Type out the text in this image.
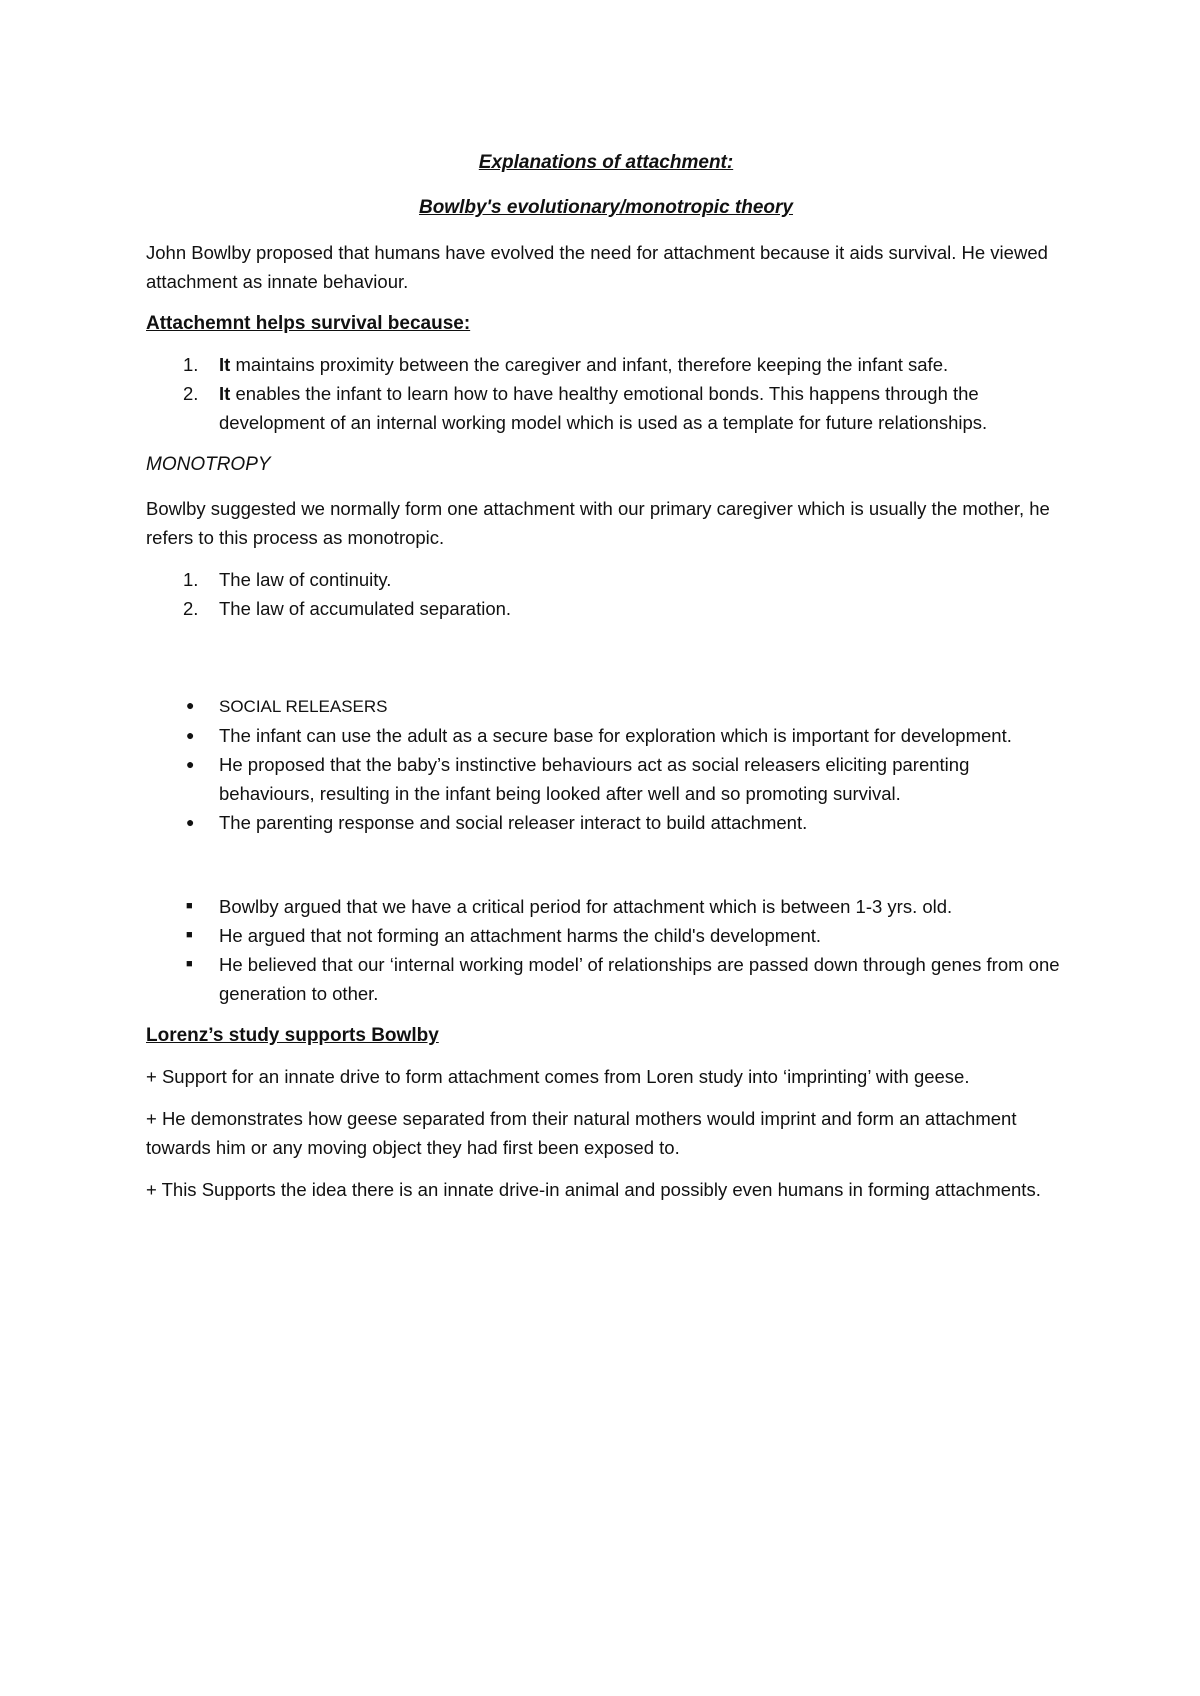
Explanations of attachment:
Bowlby's evolutionary/monotropic theory

John Bowlby proposed that humans have evolved the need for attachment because it aids survival. He viewed attachment as innate behaviour.

Attachemnt helps survival because:
1. It maintains proximity between the caregiver and infant, therefore keeping the infant safe.
2. It enables the infant to learn how to have healthy emotional bonds. This happens through the development of an internal working model which is used as a template for future relationships.
MONOTROPY

Bowlby suggested we normally form one attachment with our primary caregiver which is usually the mother, he refers to this process as monotropic.

1. The law of continuity.
2. The law of accumulated separation.
● SOCIAL RELEASERS
● The infant can use the adult as a secure base for exploration which is important for development.
● He proposed that the baby’s instinctive behaviours act as social releasers eliciting parenting behaviours, resulting in the infant being looked after well and so promoting survival.
● The parenting response and social releaser interact to build attachment.
■ Bowlby argued that we have a critical period for attachment which is between 1-3 yrs. old.
■ He argued that not forming an attachment harms the child's development.
■ He believed that our ‘internal working model’ of relationships are passed down through genes from one generation to other.
Lorenz’s study supports Bowlby

+ Support for an innate drive to form attachment comes from Loren study into ‘imprinting’ with geese.

+ He demonstrates how geese separated from their natural mothers would imprint and form an attachment towards him or any moving object they had first been exposed to.

+ This Supports the idea there is an innate drive-in animal and possibly even humans in forming attachments.
